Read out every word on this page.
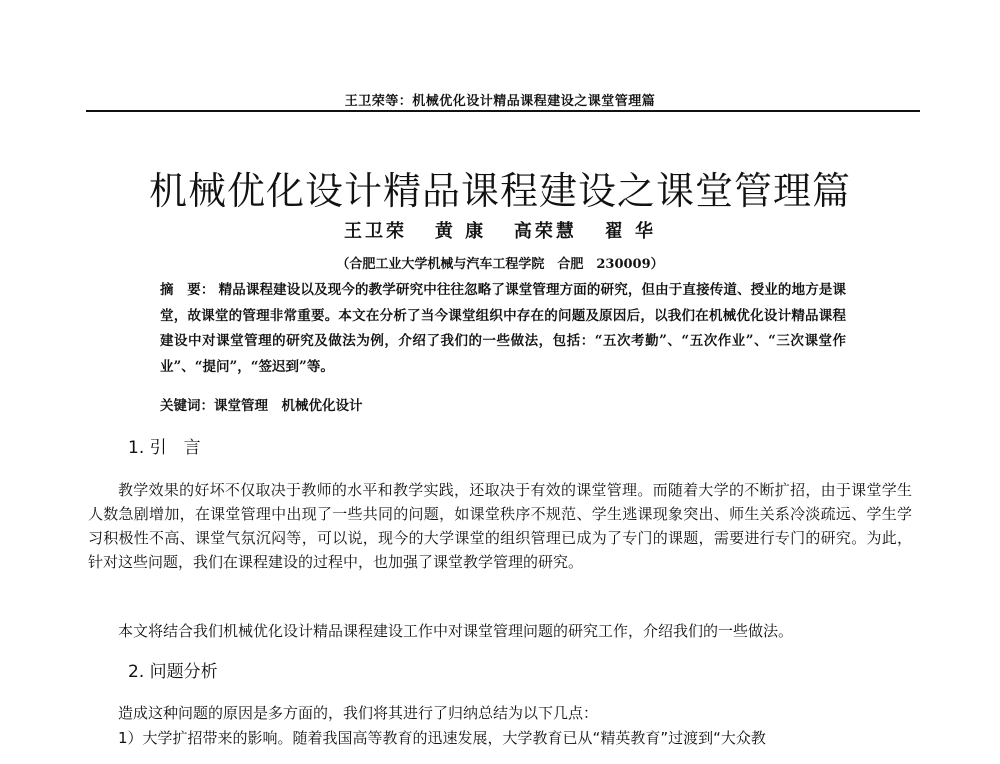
王卫荣等：机械优化设计精品课程建设之课堂管理篇
机械优化设计精品课程建设之课堂管理篇
王卫荣   黄 康   高荣慧   翟 华
（合肥工业大学机械与汽车工程学院　合肥　230009）
摘　要： 精品课程建设以及现今的教学研究中往往忽略了课堂管理方面的研究，但由于直接传道、授业的地方是课堂，故课堂的管理非常重要。本文在分析了当今课堂组织中存在的问题及原因后，以我们在机械优化设计精品课程建设中对课堂管理的研究及做法为例，介绍了我们的一些做法，包括：“五次考勤”、“五次作业”、“三次课堂作业”、“提问”，“签迟到”等。
关键词：课堂管理　机械优化设计
1. 引　言
教学效果的好坏不仅取决于教师的水平和教学实践，还取决于有效的课堂管理。而随着大学的不断扩招，由于课堂学生人数急剧增加，在课堂管理中出现了一些共同的问题，如课堂秩序不规范、学生逃课现象突出、师生关系冷淡疏远、学生学习积极性不高、课堂气氛沉闷等，可以说，现今的大学课堂的组织管理已成为了专门的课题，需要进行专门的研究。为此，针对这些问题，我们在课程建设的过程中，也加强了课堂教学管理的研究。
本文将结合我们机械优化设计精品课程建设工作中对课堂管理问题的研究工作，介绍我们的一些做法。
2. 问题分析
造成这种问题的原因是多方面的，我们将其进行了归纳总结为以下几点：
1）大学扩招带来的影响。随着我国高等教育的迅速发展，大学教育已从“精英教育”过渡到“大众教
